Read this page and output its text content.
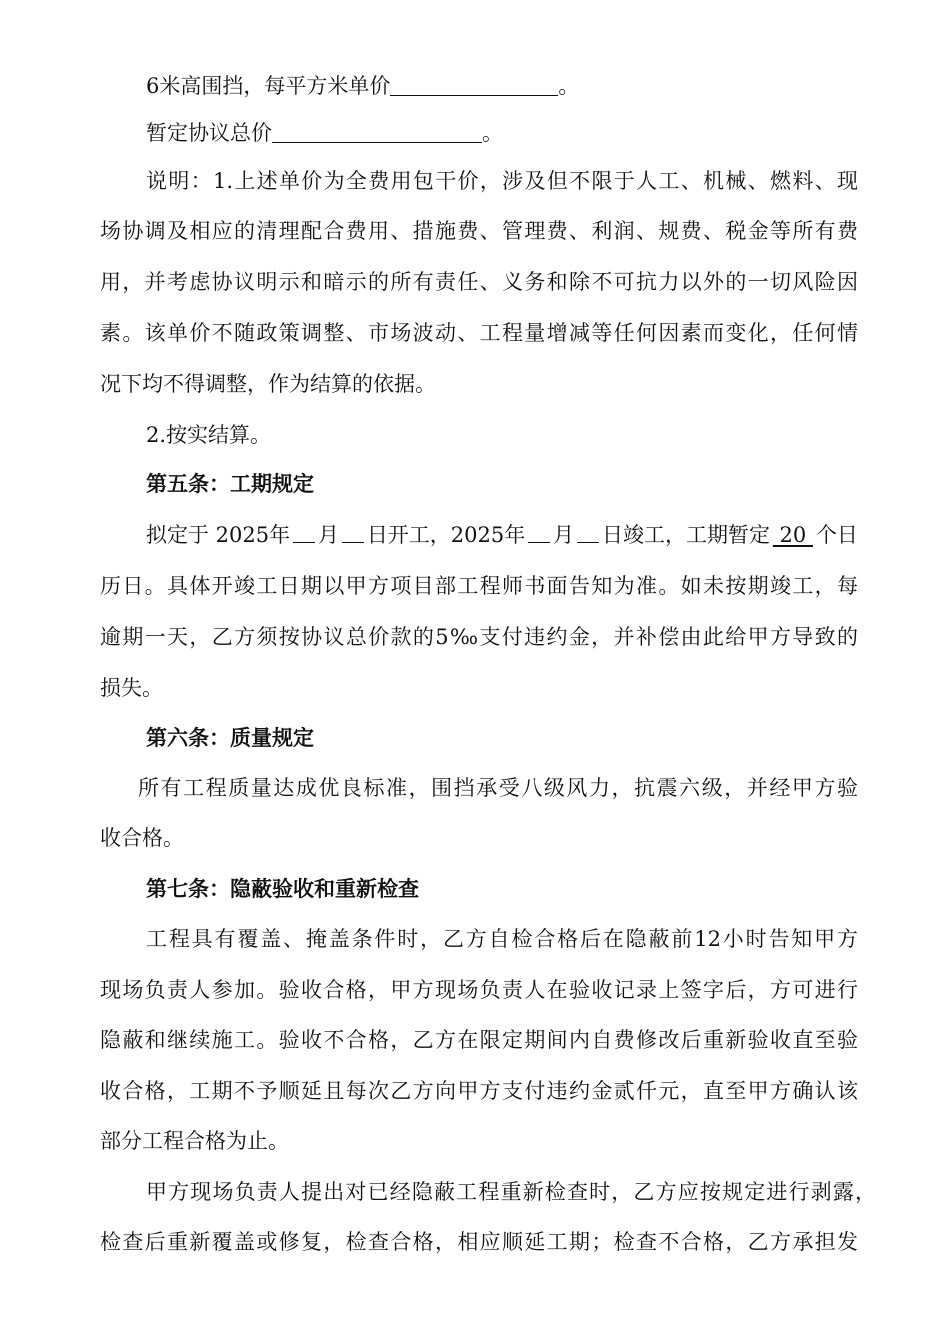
6米高围挡，每平方米单价	。
暂定协议总价	。
说明：1.上述单价为全费用包干价，涉及但不限于人工、机械、燃料、现
场协调及相应的清理配合费用、措施费、管理费、利润、规费、税金等所有费
用，并考虑协议明示和暗示的所有责任、义务和除不可抗力以外的一切风险因
素。该单价不随政策调整、市场波动、工程量增减等任何因素而变化，任何情
况下均不得调整，作为结算的依据。
2.按实结算。
第五条：工期规定
拟定于 2025年 月 日开工，2025年 月 日竣工，工期暂定 20 个日
历日。具体开竣工日期以甲方项目部工程师书面告知为准。如未按期竣工，每
逾期一天，乙方须按协议总价款的5‰支付违约金，并补偿由此给甲方导致的
损失。
第六条：质量规定
所有工程质量达成优良标准，围挡承受八级风力，抗震六级，并经甲方验
收合格。
第七条：隐蔽验收和重新检查
工程具有覆盖、掩盖条件时，乙方自检合格后在隐蔽前12小时告知甲方
现场负责人参加。验收合格，甲方现场负责人在验收记录上签字后，方可进行
隐蔽和继续施工。验收不合格，乙方在限定期间内自费修改后重新验收直至验
收合格，工期不予顺延且每次乙方向甲方支付违约金贰仟元，直至甲方确认该
部分工程合格为止。
甲方现场负责人提出对已经隐蔽工程重新检查时，乙方应按规定进行剥露，
检查后重新覆盖或修复，检查合格，相应顺延工期；检查不合格，乙方承担发
